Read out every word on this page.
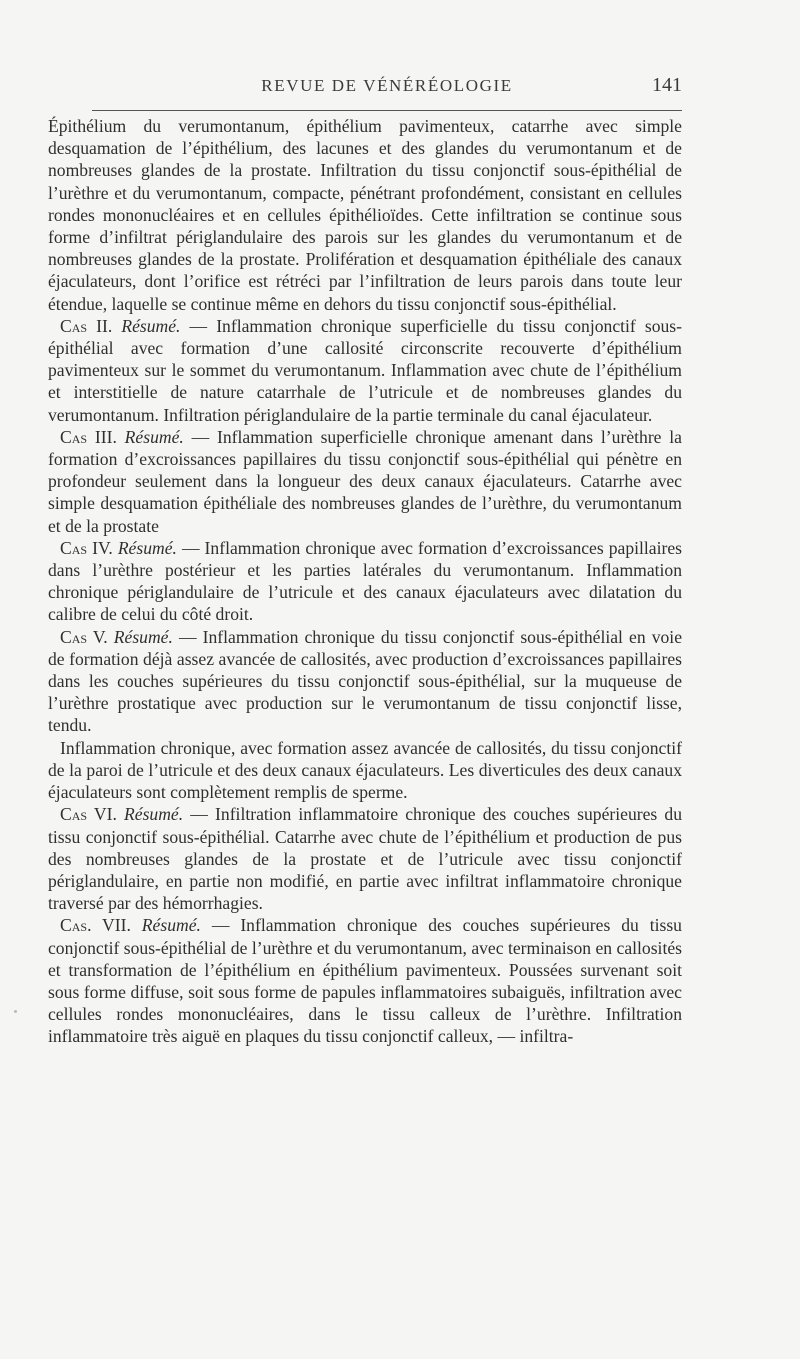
REVUE DE VÉNÉRÉOLOGIE	141

Épithélium du verumontanum, épithélium pavimenteux, catarrhe avec simple desquamation de l’épithélium, des lacunes et des glandes du verumontanum et de nombreuses glandes de la prostate. Infiltration du tissu conjonctif sous-épithélial de l’urèthre et du verumontanum, compacte, pénétrant profondément, consistant en cellules rondes mononucléaires et en cellules épithélioïdes. Cette infiltration se continue sous forme d’infiltrat périglandulaire des parois sur les glandes du verumontanum et de nombreuses glandes de la prostate. Prolifération et desquamation épithéliale des canaux éjaculateurs, dont l’orifice est rétréci par l’infiltration de leurs parois dans toute leur étendue, laquelle se continue même en dehors du tissu conjonctif sous-épithélial.

Cas II. Résumé. — Inflammation chronique superficielle du tissu conjonctif sous-épithélial avec formation d’une callosité circonscrite recouverte d’épithélium pavimenteux sur le sommet du verumontanum. Inflammation avec chute de l’épithélium et interstitielle de nature catarrhale de l’utricule et de nombreuses glandes du verumontanum. Infiltration périglandulaire de la partie terminale du canal éjaculateur.

Cas III. Résumé. — Inflammation superficielle chronique amenant dans l’urèthre la formation d’excroissances papillaires du tissu conjonctif sous-épithélial qui pénètre en profondeur seulement dans la longueur des deux canaux éjaculateurs. Catarrhe avec simple desquamation épithéliale des nombreuses glandes de l’urèthre, du verumontanum et de la prostate

Cas IV. Résumé. — Inflammation chronique avec formation d’excroissances papillaires dans l’urèthre postérieur et les parties latérales du verumontanum. Inflammation chronique périglandulaire de l’utricule et des canaux éjaculateurs avec dilatation du calibre de celui du côté droit.

Cas V. Résumé. — Inflammation chronique du tissu conjonctif sous-épithélial en voie de formation déjà assez avancée de callosités, avec production d’excroissances papillaires dans les couches supérieures du tissu conjonctif sous-épithélial, sur la muqueuse de l’urèthre prostatique avec production sur le verumontanum de tissu conjonctif lisse, tendu.

Inflammation chronique, avec formation assez avancée de callosités, du tissu conjonctif de la paroi de l’utricule et des deux canaux éjaculateurs. Les diverticules des deux canaux éjaculateurs sont complètement remplis de sperme.

Cas VI. Résumé. — Infiltration inflammatoire chronique des couches supérieures du tissu conjonctif sous-épithélial. Catarrhe avec chute de l’épithélium et production de pus des nombreuses glandes de la prostate et de l’utricule avec tissu conjonctif périglandulaire, en partie non modifié, en partie avec infiltrat inflammatoire chronique traversé par des hémorrhagies.

Cas. VII. Résumé. — Inflammation chronique des couches supérieures du tissu conjonctif sous-épithélial de l’urèthre et du verumontanum, avec terminaison en callosités et transformation de l’épithélium en épithélium pavimenteux. Poussées survenant soit sous forme diffuse, soit sous forme de papules inflammatoires subaiguës, infiltration avec cellules rondes mononucléaires, dans le tissu calleux de l’urèthre. Infiltration inflammatoire très aiguë en plaques du tissu conjonctif calleux, — infiltra-
